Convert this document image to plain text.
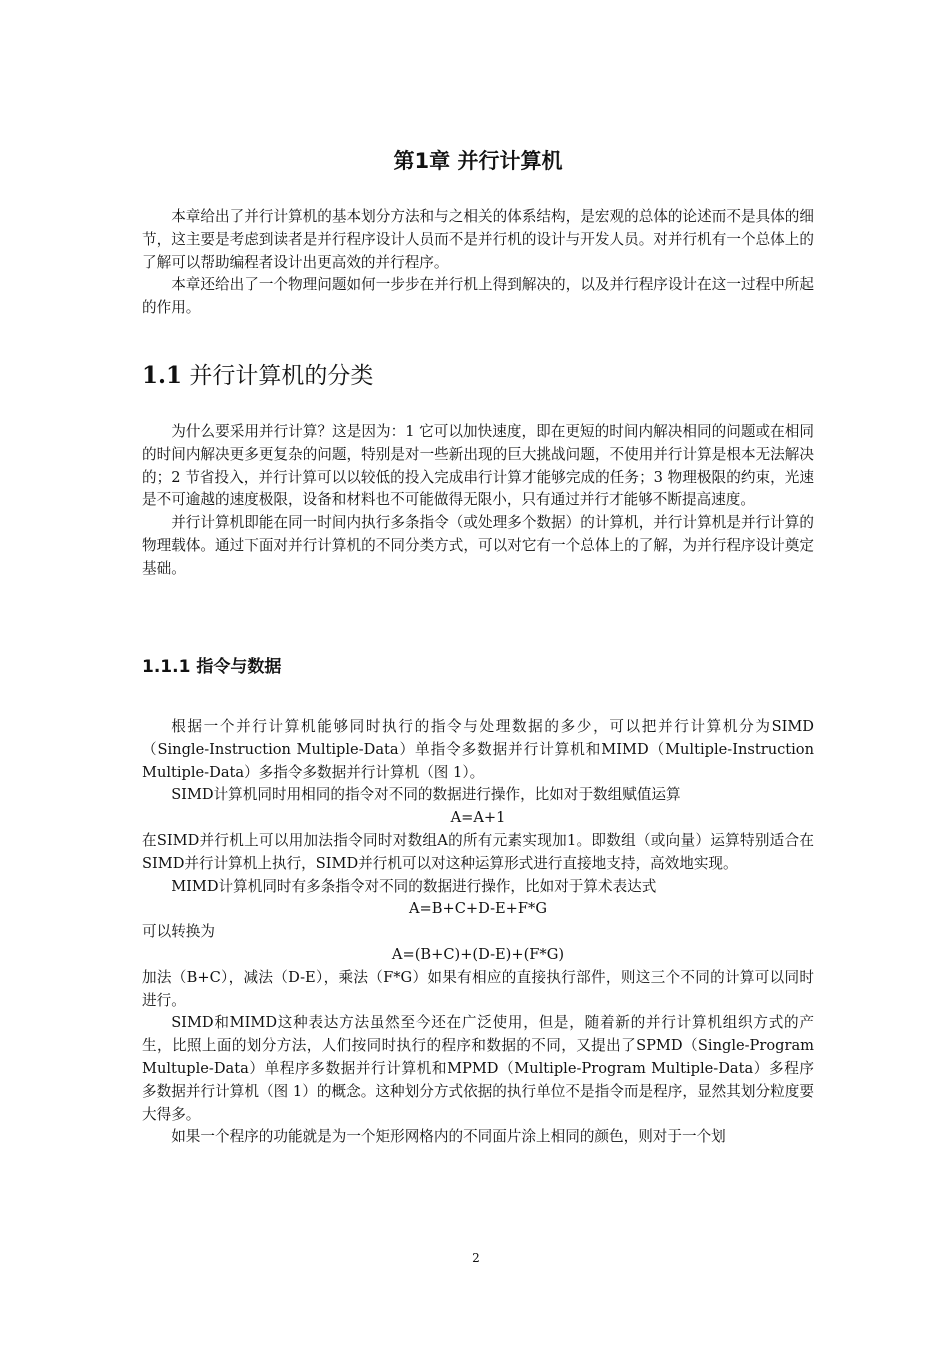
第1章 并行计算机

本章给出了并行计算机的基本划分方法和与之相关的体系结构，是宏观的总体的论述而不是具体的细节，这主要是考虑到读者是并行程序设计人员而不是并行机的设计与开发人员。对并行机有一个总体上的了解可以帮助编程者设计出更高效的并行程序。

本章还给出了一个物理问题如何一步步在并行机上得到解决的，以及并行程序设计在这一过程中所起的作用。

1.1 并行计算机的分类

为什么要采用并行计算？这是因为：1 它可以加快速度，即在更短的时间内解决相同的问题或在相同的时间内解决更多更复杂的问题，特别是对一些新出现的巨大挑战问题，不使用并行计算是根本无法解决的；2 节省投入，并行计算可以以较低的投入完成串行计算才能够完成的任务；3 物理极限的约束，光速是不可逾越的速度极限，设备和材料也不可能做得无限小，只有通过并行才能够不断提高速度。

并行计算机即能在同一时间内执行多条指令（或处理多个数据）的计算机，并行计算机是并行计算的物理载体。通过下面对并行计算机的不同分类方式，可以对它有一个总体上的了解，为并行程序设计奠定基础。

1.1.1 指令与数据

根据一个并行计算机能够同时执行的指令与处理数据的多少，可以把并行计算机分为SIMD（Single-Instruction Multiple-Data）单指令多数据并行计算机和MIMD（Multiple-Instruction Multiple-Data）多指令多数据并行计算机（图 1）。

SIMD计算机同时用相同的指令对不同的数据进行操作，比如对于数组赋值运算

A=A+1

在SIMD并行机上可以用加法指令同时对数组A的所有元素实现加1。即数组（或向量）运算特别适合在SIMD并行计算机上执行，SIMD并行机可以对这种运算形式进行直接地支持，高效地实现。

MIMD计算机同时有多条指令对不同的数据进行操作，比如对于算术表达式

A=B+C+D-E+F*G

可以转换为

A=(B+C)+(D-E)+(F*G)

加法（B+C），减法（D-E），乘法（F*G）如果有相应的直接执行部件，则这三个不同的计算可以同时进行。

SIMD和MIMD这种表达方法虽然至今还在广泛使用，但是，随着新的并行计算机组织方式的产生，比照上面的划分方法，人们按同时执行的程序和数据的不同，又提出了SPMD（Single-Program Multuple-Data）单程序多数据并行计算机和MPMD（Multiple-Program Multiple-Data）多程序多数据并行计算机（图 1）的概念。这种划分方式依据的执行单位不是指令而是程序，显然其划分粒度要大得多。

如果一个程序的功能就是为一个矩形网格内的不同面片涂上相同的颜色，则对于一个划

2
